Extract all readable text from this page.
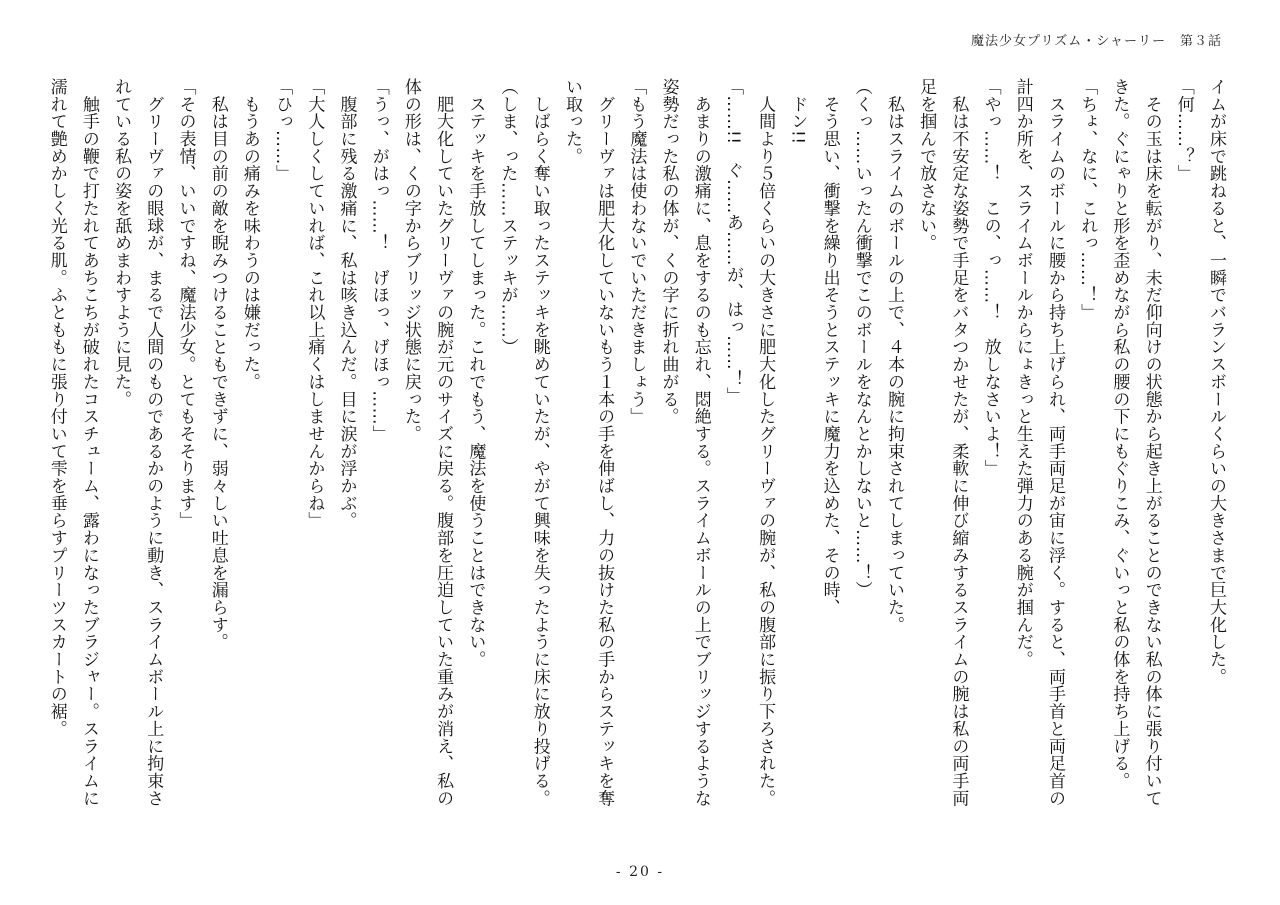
魔法少女プリズム・シャーリー　第３話

イムが床で跳ねると、一瞬でバランスボールくらいの大きさまで巨大化した。

「何……？」

　その玉は床を転がり、未だ仰向けの状態から起き上がることのできない私の体に張り付いてきた。ぐにゃりと形を歪めながら私の腰の下にもぐりこみ、ぐいっと私の体を持ち上げる。

「ちょ、なに、これっ……！」

　スライムのボールに腰から持ち上げられ、両手両足が宙に浮く。すると、両手首と両足首の計四か所を、スライムボールからにょきっと生えた弾力のある腕が掴んだ。

「やっ……！　この、っ……！　放しなさいよ！」

　私は不安定な姿勢で手足をバタつかせたが、柔軟に伸び縮みするスライムの腕は私の両手両足を掴んで放さない。

　私はスライムのボールの上で、４本の腕に拘束されてしまっていた。

（くっ……いったん衝撃でこのボールをなんとかしないと……！）

　そう思い、衝撃を繰り出そうとステッキに魔力を込めた、その時、

　ドン!!

　人間より５倍くらいの大きさに肥大化したグリーヴァの腕が、私の腹部に振り下ろされた。

「……!!　ぐ……あ……が、はっ……！」

　あまりの激痛に、息をするのも忘れ、悶絶する。スライムボールの上でブリッジするような姿勢だった私の体が、くの字に折れ曲がる。

「もう魔法は使わないでいただきましょう」

　グリーヴァは肥大化していないもう１本の手を伸ばし、力の抜けた私の手からステッキを奪い取った。

　しばらく奪い取ったステッキを眺めていたが、やがて興味を失ったように床に放り投げる。

（しま、った……ステッキが……）

　ステッキを手放してしまった。これでもう、魔法を使うことはできない。

　肥大化していたグリーヴァの腕が元のサイズに戻る。腹部を圧迫していた重みが消え、私の体の形は、くの字からブリッジ状態に戻った。

「うっ、がはっ……！　げほっ、げほっ……」

　腹部に残る激痛に、私は咳き込んだ。目に涙が浮かぶ。

「大人しくしていれば、これ以上痛くはしませんからね」

「ひっ……」

　もうあの痛みを味わうのは嫌だった。

　私は目の前の敵を睨みつけることもできずに、弱々しい吐息を漏らす。

「その表情、いいですね、魔法少女。とてもそそります」

　グリーヴァの眼球が、まるで人間のものであるかのように動き、スライムボール上に拘束されている私の姿を舐めまわすように見た。

　触手の鞭で打たれてあちこちが破れたコスチューム、露わになったブラジャー。スライムに濡れて艶めかしく光る肌。ふとももに張り付いて雫を垂らすプリーツスカートの裾。

- 20 -
